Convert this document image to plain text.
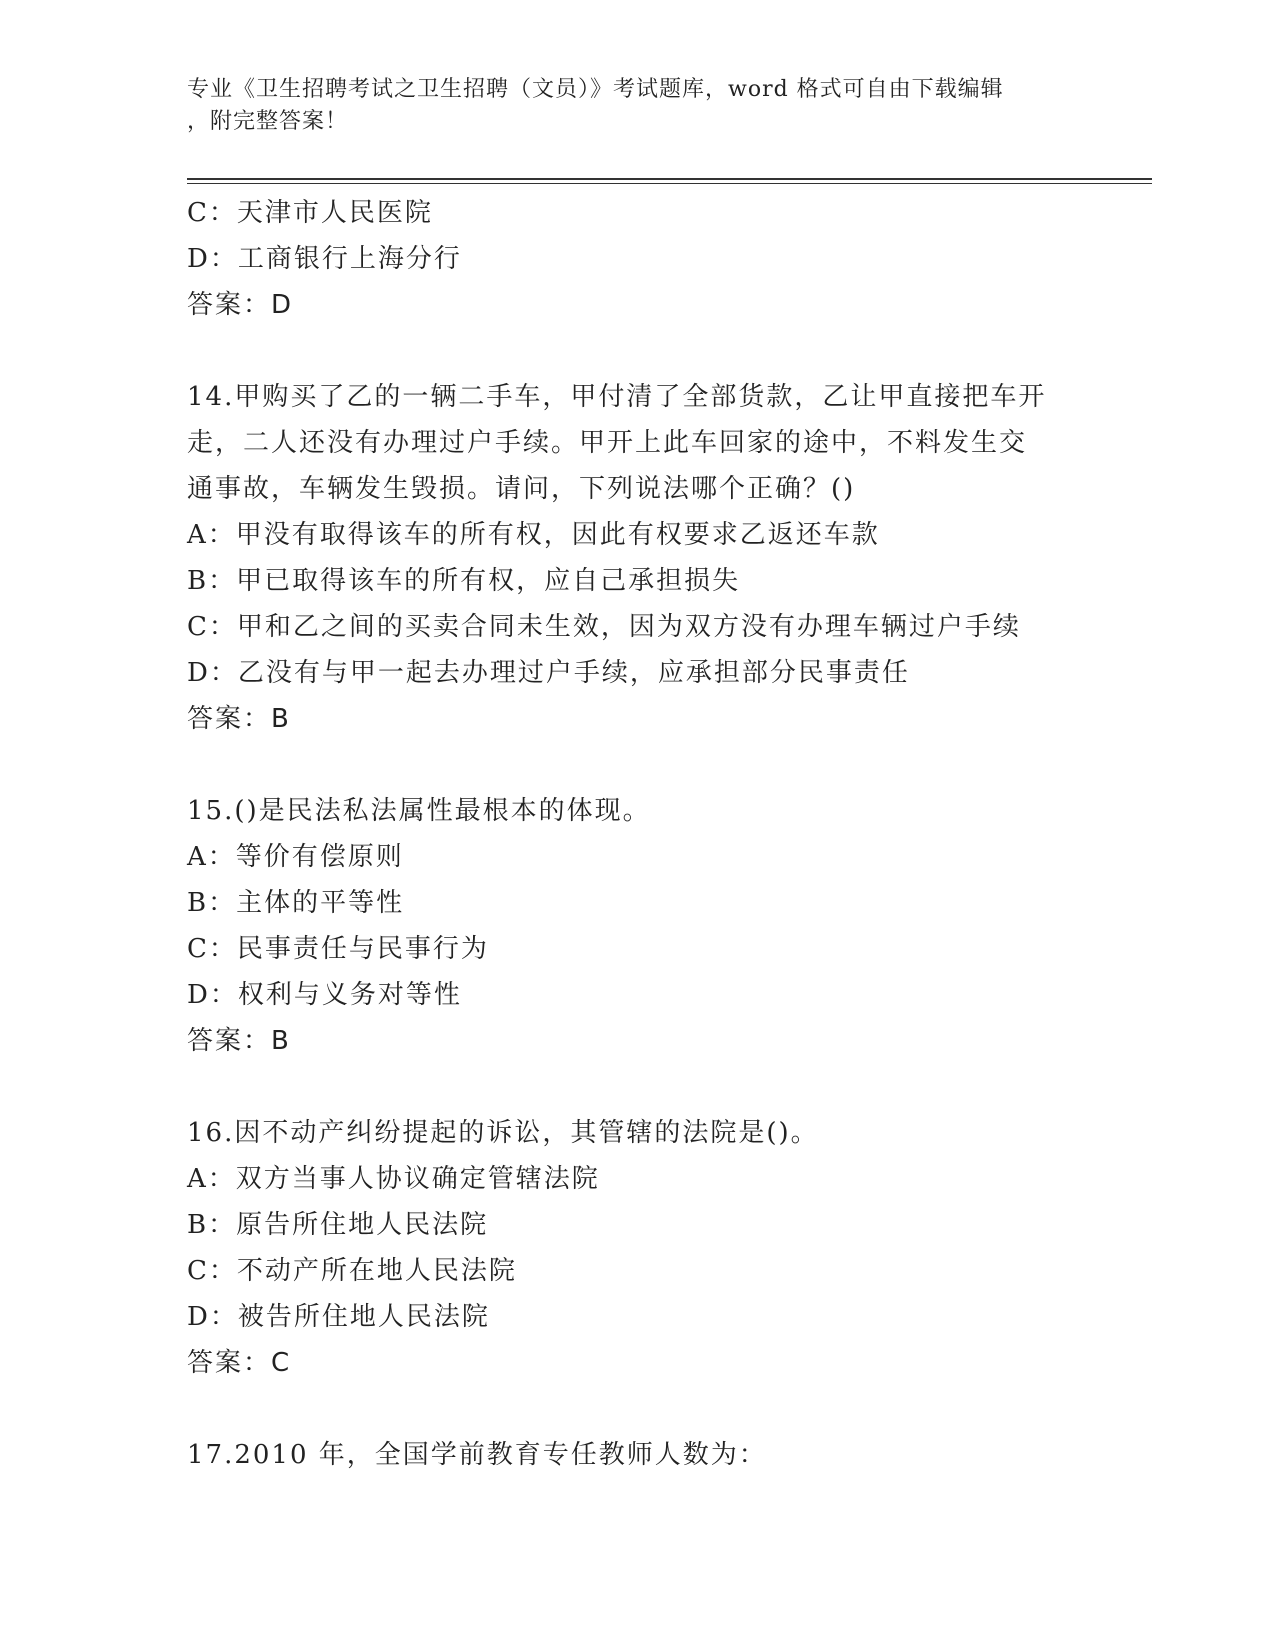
专业《卫生招聘考试之卫生招聘（文员）》考试题库，word 格式可自由下载编辑
，附完整答案！
C：天津市人民医院
D：工商银行上海分行
答案：D
14.甲购买了乙的一辆二手车，甲付清了全部货款，乙让甲直接把车开
走，二人还没有办理过户手续。甲开上此车回家的途中，不料发生交
通事故，车辆发生毁损。请问，下列说法哪个正确？()
A：甲没有取得该车的所有权，因此有权要求乙返还车款
B：甲已取得该车的所有权，应自己承担损失
C：甲和乙之间的买卖合同未生效，因为双方没有办理车辆过户手续
D：乙没有与甲一起去办理过户手续，应承担部分民事责任
答案：B
15.()是民法私法属性最根本的体现。
A：等价有偿原则
B：主体的平等性
C：民事责任与民事行为
D：权利与义务对等性
答案：B
16.因不动产纠纷提起的诉讼，其管辖的法院是()。
A：双方当事人协议确定管辖法院
B：原告所住地人民法院
C：不动产所在地人民法院
D：被告所住地人民法院
答案：C
17.2010 年，全国学前教育专任教师人数为：
